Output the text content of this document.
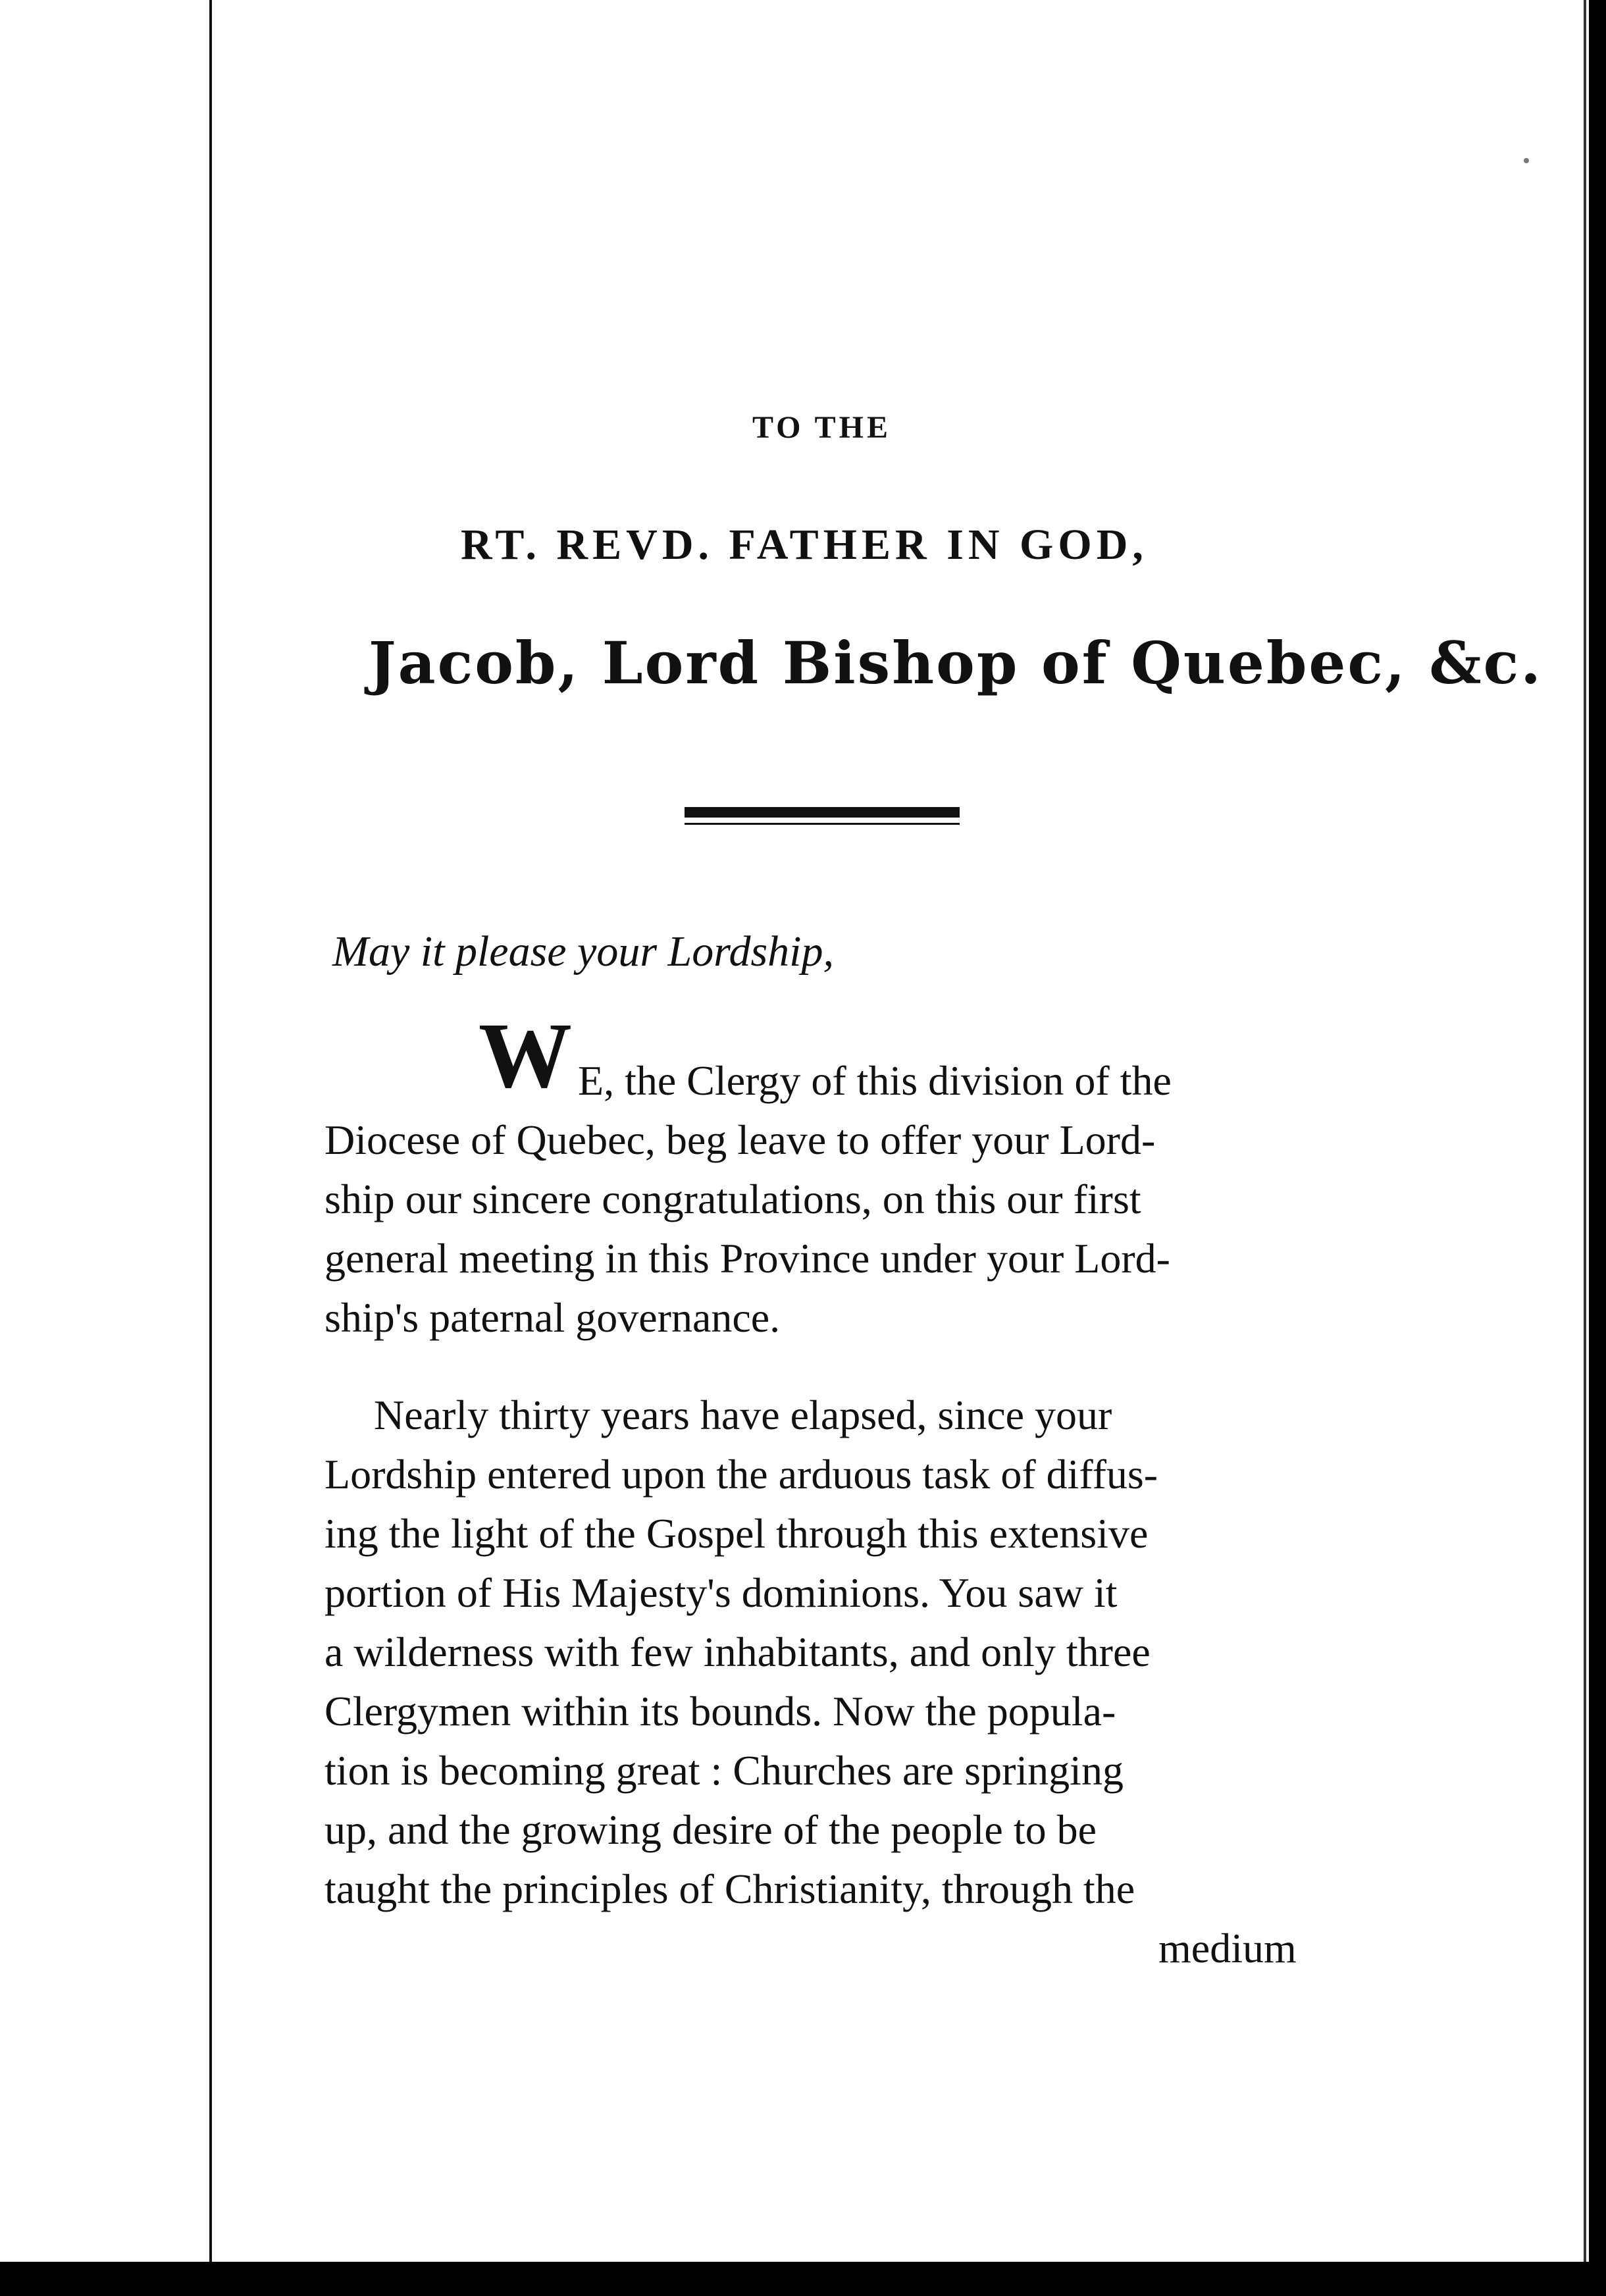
TO THE
RT. REVD. FATHER IN GOD,
Jacob, Lord Bishop of Quebec, &c.
May it please your Lordship,
W E, the Clergy of this division of the
Diocese of Quebec, beg leave to offer your Lord-
ship our sincere congratulations, on this our first
general meeting in this Province under your Lord-
ship's paternal governance.
Nearly thirty years have elapsed, since your
Lordship entered upon the arduous task of diffus-
ing the light of the Gospel through this extensive
portion of His Majesty's dominions. You saw it
a wilderness with few inhabitants, and only three
Clergymen within its bounds. Now the popula-
tion is becoming great : Churches are springing
up, and the growing desire of the people to be
taught the principles of Christianity, through the
medium
